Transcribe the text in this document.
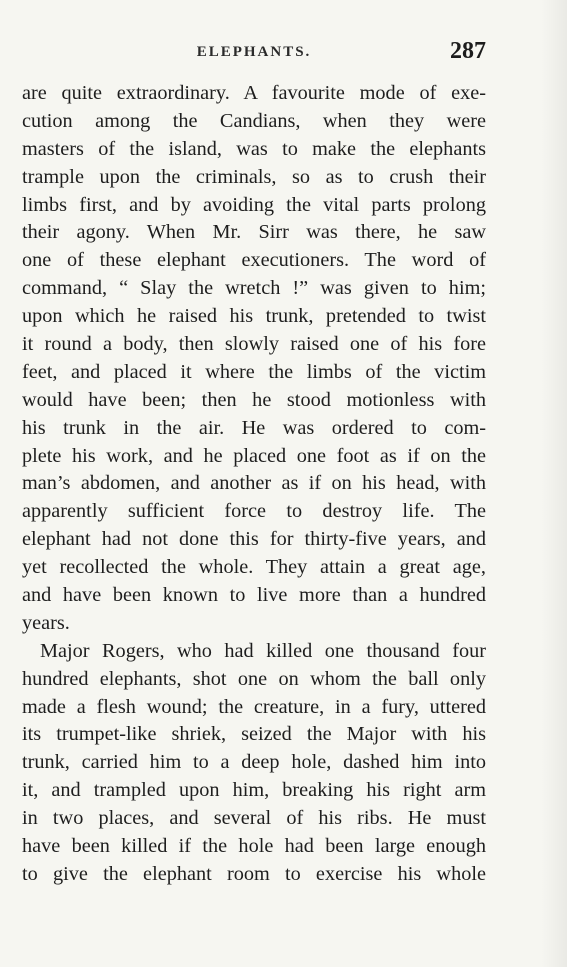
ELEPHANTS.	287
are quite extraordinary. A favourite mode of exe-
cution among the Candians, when they were
masters of the island, was to make the elephants
trample upon the criminals, so as to crush their
limbs first, and by avoiding the vital parts prolong
their agony. When Mr. Sirr was there, he saw
one of these elephant executioners. The word of
command, “ Slay the wretch !” was given to him;
upon which he raised his trunk, pretended to twist
it round a body, then slowly raised one of his fore
feet, and placed it where the limbs of the victim
would have been; then he stood motionless with
his trunk in the air. He was ordered to com-
plete his work, and he placed one foot as if on the
man’s abdomen, and another as if on his head, with
apparently sufficient force to destroy life. The
elephant had not done this for thirty-five years, and
yet recollected the whole. They attain a great age,
and have been known to live more than a hundred
years.
Major Rogers, who had killed one thousand four
hundred elephants, shot one on whom the ball only
made a flesh wound; the creature, in a fury, uttered
its trumpet-like shriek, seized the Major with his
trunk, carried him to a deep hole, dashed him into
it, and trampled upon him, breaking his right arm
in two places, and several of his ribs. He must
have been killed if the hole had been large enough
to give the elephant room to exercise his whole
